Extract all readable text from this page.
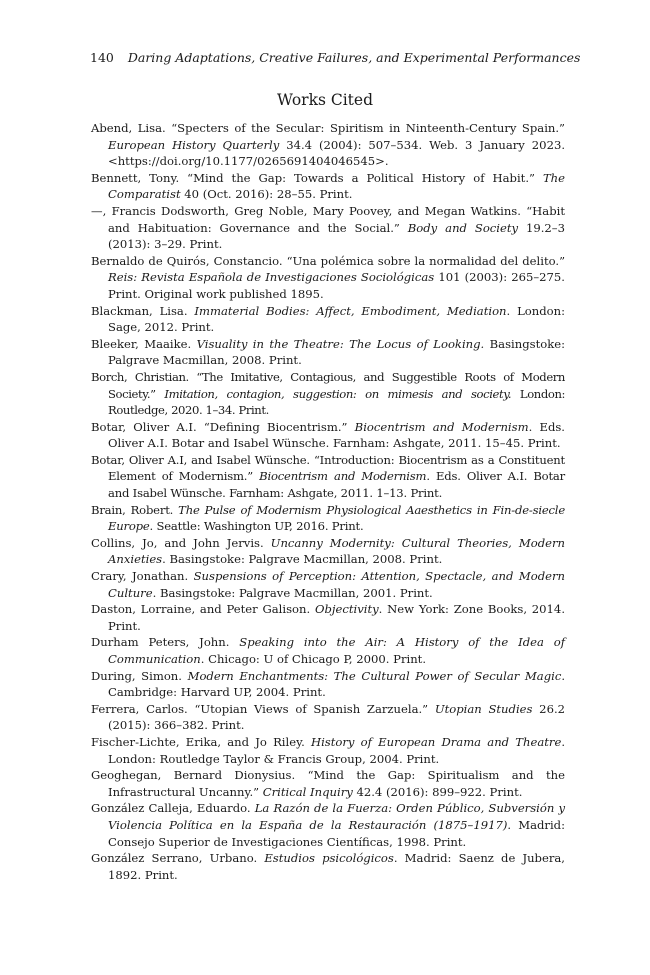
140 Daring Adaptations, Creative Failures, and Experimental Performances
Works Cited
Abend, Lisa. “Specters of the Secular: Spiritism in Ninteenth-Century Spain.” European History Quarterly 34.4 (2004): 507–534. Web. 3 January 2023. <https://doi.org/10.1177/0265691404046545>.
Bennett, Tony. “Mind the Gap: Towards a Political History of Habit.” The Comparatist 40 (Oct. 2016): 28–55. Print.
—, Francis Dodsworth, Greg Noble, Mary Poovey, and Megan Watkins. “Habit and Habituation: Governance and the Social.” Body and Society 19.2–3 (2013): 3–29. Print.
Bernaldo de Quirós, Constancio. “Una polémica sobre la normalidad del delito.” Reis: Revista Española de Investigaciones Sociológicas 101 (2003): 265–275. Print. Original work published 1895.
Blackman, Lisa. Immaterial Bodies: Affect, Embodiment, Mediation. London: Sage, 2012. Print.
Bleeker, Maaike. Visuality in the Theatre: The Locus of Looking. Basingstoke: Palgrave Macmillan, 2008. Print.
Borch, Christian. “The Imitative, Contagious, and Suggestible Roots of Modern Society.” Imitation, contagion, suggestion: on mimesis and society. London: Routledge, 2020. 1–34. Print.
Botar, Oliver A.I. “Defining Biocentrism.” Biocentrism and Modernism. Eds. Oliver A.I. Botar and Isabel Wünsche. Farnham: Ashgate, 2011. 15–45. Print.
Botar, Oliver A.I, and Isabel Wünsche. “Introduction: Biocentrism as a Constituent Element of Modernism.” Biocentrism and Modernism. Eds. Oliver A.I. Botar and Isabel Wünsche. Farnham: Ashgate, 2011. 1–13. Print.
Brain, Robert. The Pulse of Modernism Physiological Aaesthetics in Fin-de-siecle Europe. Seattle: Washington UP, 2016. Print.
Collins, Jo, and John Jervis. Uncanny Modernity: Cultural Theories, Modern Anxieties. Basingstoke: Palgrave Macmillan, 2008. Print.
Crary, Jonathan. Suspensions of Perception: Attention, Spectacle, and Modern Culture. Basingstoke: Palgrave Macmillan, 2001. Print.
Daston, Lorraine, and Peter Galison. Objectivity. New York: Zone Books, 2014. Print.
Durham Peters, John. Speaking into the Air: A History of the Idea of Communication. Chicago: U of Chicago P, 2000. Print.
During, Simon. Modern Enchantments: The Cultural Power of Secular Magic. Cambridge: Harvard UP, 2004. Print.
Ferrera, Carlos. “Utopian Views of Spanish Zarzuela.” Utopian Studies 26.2 (2015): 366–382. Print.
Fischer-Lichte, Erika, and Jo Riley. History of European Drama and Theatre. London: Routledge Taylor & Francis Group, 2004. Print.
Geoghegan, Bernard Dionysius. “Mind the Gap: Spiritualism and the Infrastructural Uncanny.” Critical Inquiry 42.4 (2016): 899–922. Print.
González Calleja, Eduardo. La Razón de la Fuerza: Orden Público, Subversión y Violencia Política en la España de la Restauración (1875–1917). Madrid: Consejo Superior de Investigaciones Científicas, 1998. Print.
González Serrano, Urbano. Estudios psicológicos. Madrid: Saenz de Jubera, 1892. Print.
